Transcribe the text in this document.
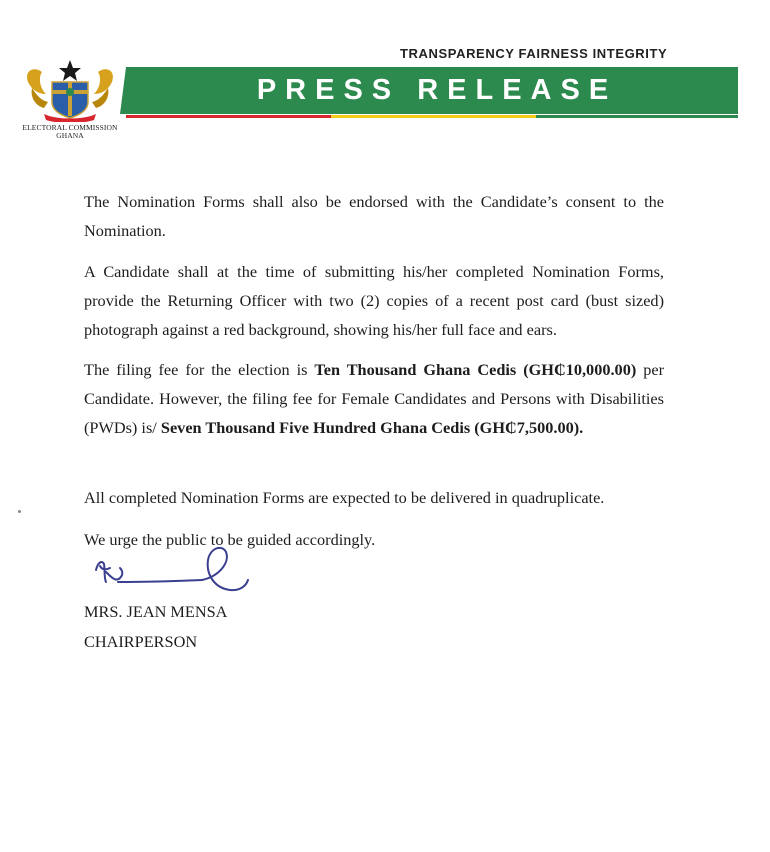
ELECTORAL COMMISSION
GHANA
TRANSPARENCY FAIRNESS INTEGRITY
PRESS RELEASE

The Nomination Forms shall also be endorsed with the Candidate’s consent to the Nomination.

A Candidate shall at the time of submitting his/her completed Nomination Forms, provide the Returning Officer with two (2) copies of a recent post card (bust sized) photograph against a red background, showing his/her full face and ears.

The filing fee for the election is Ten Thousand Ghana Cedis (GH₵10,000.00) per Candidate. However, the filing fee for Female Candidates and Persons with Disabilities (PWDs) is/ Seven Thousand Five Hundred Ghana Cedis (GH₵7,500.00).

All completed Nomination Forms are expected to be delivered in quadruplicate.

We urge the public to be guided accordingly.

MRS. JEAN MENSA
CHAIRPERSON
